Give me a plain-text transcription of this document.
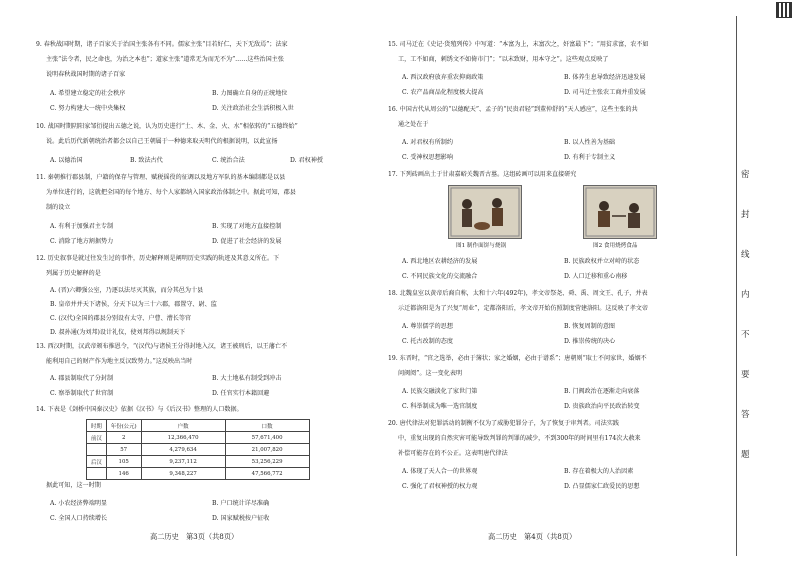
9. 春秋战国时期，诸子百家关于治国主张各有不同。儒家主张“目若好仁，天下无敌焉”；法家
主张“法令者，民之命也，为治之本也”；道家主张“道常无为而无不为”……这些治国主张
说明春秋战国时期的诸子百家
A. 希望建立稳定的社会秩序	B. 力图确立自身的正统地位
C. 努力构建大一统中央集权	D. 关注政治社会生活积极入世
10. 战国时期阴阳家邹衍提出五德之说，认为历史进行“土、木、金、火、水”相依转的“五德终始”
说。此后历代新朝统治者都会以自己王朝属于一种德来取天明代的根据说明，以此宣扬
A. 以德治国	B. 致法古代	C. 统治合法	D. 君权神授
11. 秦朝推行郡县制，户籍的保存与管理、赋税徭役的征调以及地方军队的基本编制都是以县
为单位进行的，这就把全国的每个地方、每个人家都纳入国家政治体制之中。据此可知，郡县
制的设立
A. 有利于加强君主专制	B. 实现了对地方直接控制
C. 消除了地方割据势力	D. 促进了社会经济的发展
12. 历史叙事是就过往发生过的事件，历史解释则是阐明历史实践的轨迹及其意义所在。下
列属于历史解释的是
A. (晋)六卿强公室，乃逐以法尽灭其族，而分其邑为十县
B. 皇帝并并天下诸侯，分天下以为三十六郡，郡置守、尉、监
C. (汉代)全国的郡县分别设有太守、户曹、漕长等官
D. 叔孙通(为刘邦)设计礼仪，使刘邦得以规制天下
13. 西汉时期，汉武帝颁布推恩令，“(汉代)与诸侯王分得封地入汉，诸王被刑后，以王藩亡不
能利用自己的财产作为地主反汉致势力。”这反映出当时
A. 郡县制取代了分封制	B. 大土地私有制受到冲击
C. 察举制取代了世官制	D. 任官实行本籍回避
14. 下表是《剑桥中国秦汉史》依据《汉书》与《后汉书》整理的人口数据。
时期	年份(公元)	户数	口数
前汉	2	12,366,470	57,671,400
	57	4,279,634	21,007,820
后汉	105	9,237,112	53,256,229
	146	9,348,227	47,566,772
据此可知，这一时期
A. 小农经济弊端明显	B. 户口统计详尽准确
C. 全国人口持续增长	D. 国家赋税按户征收
高二历史　第3页（共8页）
15. 司马迁在《史记·货殖列传》中写道：“本富为上，末富次之，奸富最下”；“用贫求富，农不如
工，工不如商，刺绣文不如倚市门”；“以末致财，用本守之”。这些观点反映了
A. 西汉政府放弃重农抑商政策	B. 体养生息导致经济迅速发展
C. 农产品商品化程度极大提高	D. 司马迁主张农工商并重发展
16. 中国古代从周公的“以德配天”、孟子的“民贵君轻”到董仲舒的“天人感应”，这些主张的共
通之处在于
A. 对君权有所制约	B. 以人性善为基础
C. 受神权思想影响	D. 有利于专制主义
17. 下列砖画出土于甘肃嘉峪关魏晋古墓。这组砖画可以用来直接研究
图1 制作面饼与烧锅	图2 食用烧烤食品
A. 西北地区农耕经济的发展	B. 民族政权并立对峙的状态
C. 不同民族文化的交流融合	D. 人口迁移和重心南移
18. 北魏皇室以黄帝后裔自称，太和十六年(492年)，孝文帝祭尧、舜、禹、周文王、孔子，并表
示迁都洛阳是为了兴复“周业”，定都洛阳后，孝文帝开始仿照制度营建洛阳。这反映了孝文帝
A. 尊崇儒学的思想	B. 恢复周制的意图
C. 托古改制的态度	D. 推崇传统的决心
19. 东晋时，“官之选举，必由于簿状；家之婚姻，必由于谱系”；唐朝则“取士不问家世，婚姻不
问阀阅”。这一变化表明
A. 民族交融淡化了家世门第	B. 门阀政治在逐渐走向衰落
C. 科举制成为唯一选官制度	D. 贵族政治向平民政治转变
20. 唐代律法对犯罪活动的制衡不仅为了威胁犯罪分子，为了恢复于审判者。司法实践
中，重复出现的自然灾害可能导致判罪的判罪的减少，不到300年的时间里有174次大赦来
补偿可能存在的不公正。这表明唐代律法
A. 体现了天人合一的世界观	B. 存在着极大的人治因素
C. 强化了君权神授的权力观	D. 凸显儒家仁政爱民的思想
高二历史　第4页（共8页）
密
封
线
内
不
要
答
题
